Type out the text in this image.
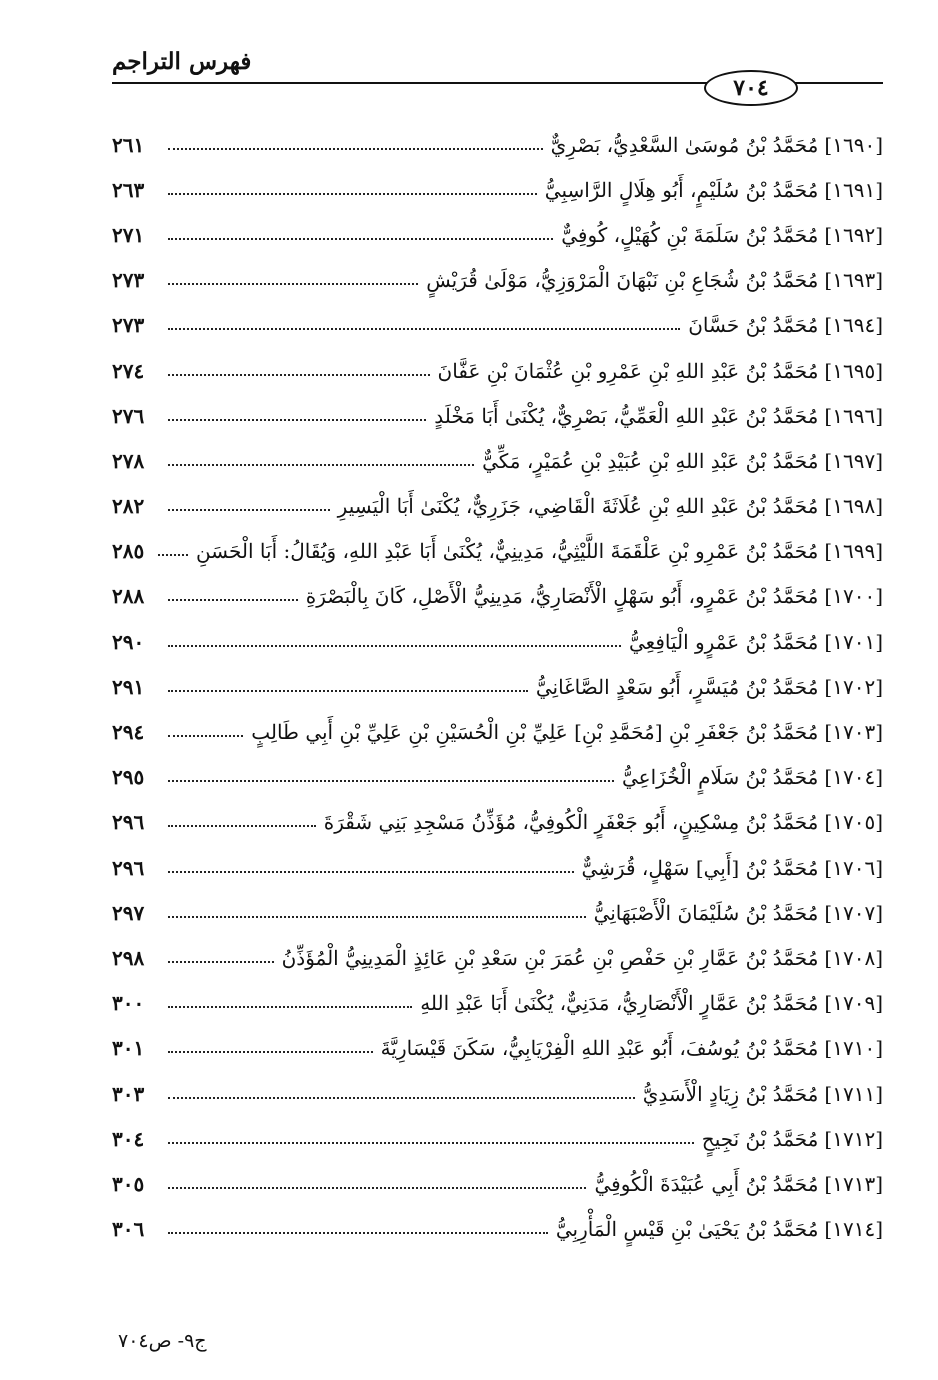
فهرس التراجم
٧٠٤
[١٦٩٠]
مُحَمَّدُ بْنُ مُوسَىٰ السَّعْدِيُّ، بَصْرِيٌّ
٢٦١
[١٦٩١]
مُحَمَّدُ بْنُ سُلَيْمٍ، أَبُو هِلَالٍ الرَّاسِبِيُّ
٢٦٣
[١٦٩٢]
مُحَمَّدُ بْنُ سَلَمَةَ بْنِ كُهَيْلٍ، كُوفِيٌّ
٢٧١
[١٦٩٣]
مُحَمَّدُ بْنُ شُجَاعِ بْنِ نَبْهَانَ الْمَرْوَزِيُّ، مَوْلَىٰ قُرَيْشٍ
٢٧٣
[١٦٩٤]
مُحَمَّدُ بْنُ حَسَّانَ
٢٧٣
[١٦٩٥]
مُحَمَّدُ بْنُ عَبْدِ اللهِ بْنِ عَمْرِو بْنِ عُثْمَانَ بْنِ عَفَّانَ
٢٧٤
[١٦٩٦]
مُحَمَّدُ بْنُ عَبْدِ اللهِ الْعَمِّيُّ، بَصْرِيٌّ، يُكْنَىٰ أَبَا مَخْلَدٍ
٢٧٦
[١٦٩٧]
مُحَمَّدُ بْنُ عَبْدِ اللهِ بْنِ عُبَيْدِ بْنِ عُمَيْرٍ، مَكِّيٌّ
٢٧٨
[١٦٩٨]
مُحَمَّدُ بْنُ عَبْدِ اللهِ بْنِ عُلَاثَةَ الْقَاضِي، جَزَرِيٌّ، يُكْنَىٰ أَبَا الْيَسِيرِ
٢٨٢
[١٦٩٩]
مُحَمَّدُ بْنُ عَمْرِو بْنِ عَلْقَمَةَ اللَّيْثِيُّ، مَدِينِيٌّ، يُكْنَىٰ أَبَا عَبْدِ اللهِ، وَيُقَالُ: أَبَا الْحَسَنِ
٢٨٥
[١٧٠٠]
مُحَمَّدُ بْنُ عَمْرٍو، أَبُو سَهْلٍ الْأَنْصَارِيُّ، مَدِينِيُّ الْأَصْلِ، كَانَ بِالْبَصْرَةِ
٢٨٨
[١٧٠١]
مُحَمَّدُ بْنُ عَمْرٍو الْيَافِعِيُّ
٢٩٠
[١٧٠٢]
مُحَمَّدُ بْنُ مُيَسَّرٍ، أَبُو سَعْدٍ الصَّاغَانِيُّ
٢٩١
[١٧٠٣]
مُحَمَّدُ بْنُ جَعْفَرِ بْنِ [مُحَمَّدِ بْنِ] عَلِيِّ بْنِ الْحُسَيْنِ بْنِ عَلِيِّ بْنِ أَبِي طَالِبٍ
٢٩٤
[١٧٠٤]
مُحَمَّدُ بْنُ سَلَامٍ الْخُزَاعِيُّ
٢٩٥
[١٧٠٥]
مُحَمَّدُ بْنُ مِسْكِينٍ، أَبُو جَعْفَرٍ الْكُوفِيُّ، مُؤَذِّنُ مَسْجِدِ بَنِي شَقْرَةَ
٢٩٦
[١٧٠٦]
مُحَمَّدُ بْنُ [أَبِي] سَهْلٍ، قُرَشِيٌّ
٢٩٦
[١٧٠٧]
مُحَمَّدُ بْنُ سُلَيْمَانَ الْأَصْبَهَانِيُّ
٢٩٧
[١٧٠٨]
مُحَمَّدُ بْنُ عَمَّارِ بْنِ حَفْصِ بْنِ عُمَرَ بْنِ سَعْدِ بْنِ عَائِذٍ الْمَدِينِيُّ الْمُؤَذِّنُ
٢٩٨
[١٧٠٩]
مُحَمَّدُ بْنُ عَمَّارٍ الْأَنْصَارِيُّ، مَدَنِيٌّ، يُكْنَىٰ أَبَا عَبْدِ اللهِ
٣٠٠
[١٧١٠]
مُحَمَّدُ بْنُ يُوسُفَ، أَبُو عَبْدِ اللهِ الْفِرْيَابِيُّ، سَكَنَ قَيْسَارِيَّةَ
٣٠١
[١٧١١]
مُحَمَّدُ بْنُ زِيَادٍ الْأَسَدِيُّ
٣٠٣
[١٧١٢]
مُحَمَّدُ بْنُ نَجِيحٍ
٣٠٤
[١٧١٣]
مُحَمَّدُ بْنُ أَبِي عُبَيْدَةَ الْكُوفِيُّ
٣٠٥
[١٧١٤]
مُحَمَّدُ بْنُ يَحْيَىٰ بْنِ قَيْسٍ الْمَأْرِبِيُّ
٣٠٦
ج٩- ص٧٠٤
